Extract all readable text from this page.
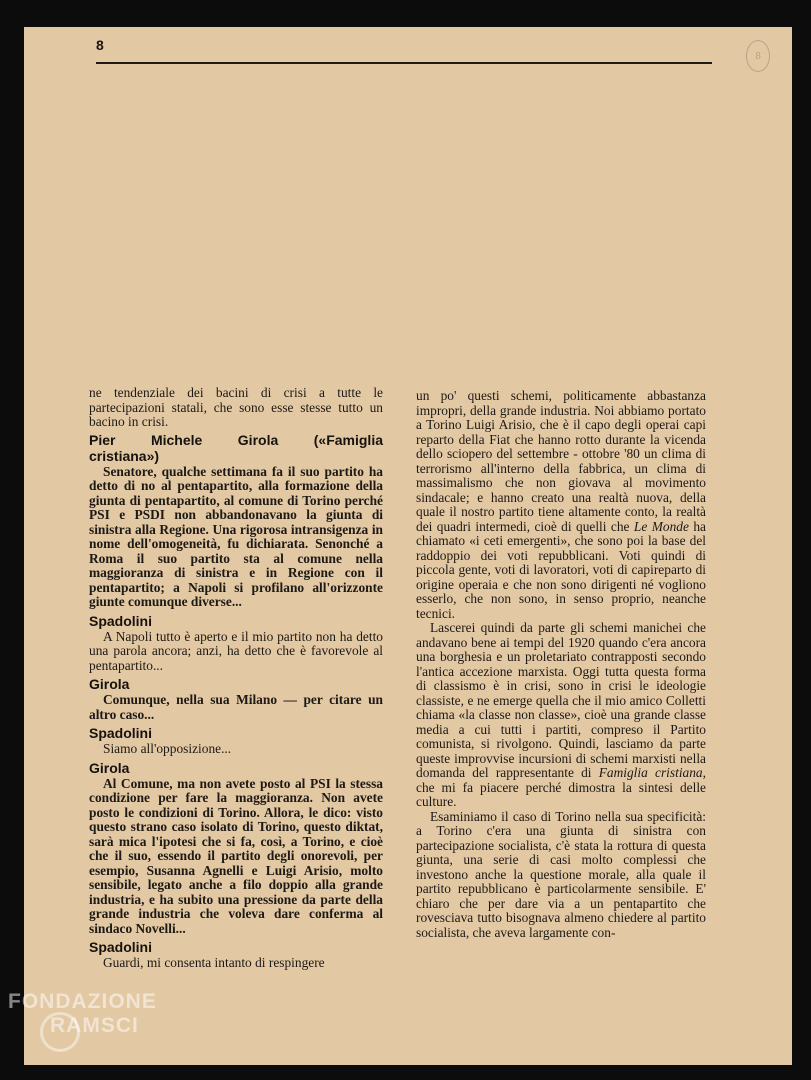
8
8

ne tendenziale dei bacini di crisi a tutte le partecipazioni statali, che sono esse stesse tutto un bacino in crisi.

Pier	Michele	Girola	(«Famiglia
cristiana»)

Senatore, qualche settimana fa il suo partito ha detto di no al pentapartito, alla formazione della giunta di pentapartito, al comune di Torino perché PSI e PSDI non abbandonavano la giunta di sinistra alla Regione. Una rigorosa intransigenza in nome dell'omogeneità, fu dichiarata. Senonché a Roma il suo partito sta al comune nella maggioranza di sinistra e in Regione con il pentapartito; a Napoli si profilano all'orizzonte giunte comunque diverse...

Spadolini

A Napoli tutto è aperto e il mio partito non ha detto una parola ancora; anzi, ha detto che è favorevole al pentapartito...

Girola

Comunque, nella sua Milano — per citare un altro caso...

Spadolini

Siamo all'opposizione...

Girola

Al Comune, ma non avete posto al PSI la stessa condizione per fare la maggioranza. Non avete posto le condizioni di Torino. Allora, le dico: visto questo strano caso isolato di Torino, questo diktat, sarà mica l'ipotesi che si fa, così, a Torino, e cioè che il suo, essendo il partito degli onorevoli, per esempio, Susanna Agnelli e Luigi Arisio, molto sensibile, legato anche a filo doppio alla grande industria, e ha subito una pressione da parte della grande industria che voleva dare conferma al sindaco Novelli...

Spadolini

Guardi, mi consenta intanto di respingere

un po' questi schemi, politicamente abbastanza impropri, della grande industria. Noi abbiamo portato a Torino Luigi Arisio, che è il capo degli operai capi reparto della Fiat che hanno rotto durante la vicenda dello sciopero del settembre - ottobre '80 un clima di terrorismo all'interno della fabbrica, un clima di massimalismo che non giovava al movimento sindacale; e hanno creato una realtà nuova, della quale il nostro partito tiene altamente conto, la realtà dei quadri intermedi, cioè di quelli che Le Monde ha chiamato «i ceti emergenti», che sono poi la base del raddoppio dei voti repubblicani. Voti quindi di piccola gente, voti di lavoratori, voti di capireparto di origine operaia e che non sono dirigenti né vogliono esserlo, che non sono, in senso proprio, neanche tecnici.

Lascerei quindi da parte gli schemi manichei che andavano bene ai tempi del 1920 quando c'era ancora una borghesia e un proletariato contrapposti secondo l'antica accezione marxista. Oggi tutta questa forma di classismo è in crisi, sono in crisi le ideologie classiste, e ne emerge quella che il mio amico Colletti chiama «la classe non classe», cioè una grande classe media a cui tutti i partiti, compreso il Partito comunista, si rivolgono. Quindi, lasciamo da parte queste improvvise incursioni di schemi marxisti nella domanda del rappresentante di Famiglia cristiana, che mi fa piacere perché dimostra la sintesi delle culture.

Esaminiamo il caso di Torino nella sua specificità: a Torino c'era una giunta di sinistra con partecipazione socialista, c'è stata la rottura di questa giunta, una serie di casi molto complessi che investono anche la questione morale, alla quale il partito repubblicano è particolarmente sensibile. E' chiaro che per dare via a un pentapartito che rovesciava tutto bisognava almeno chiedere al partito socialista, che aveva largamente con-

FONDAZIONE
RAMSCI
